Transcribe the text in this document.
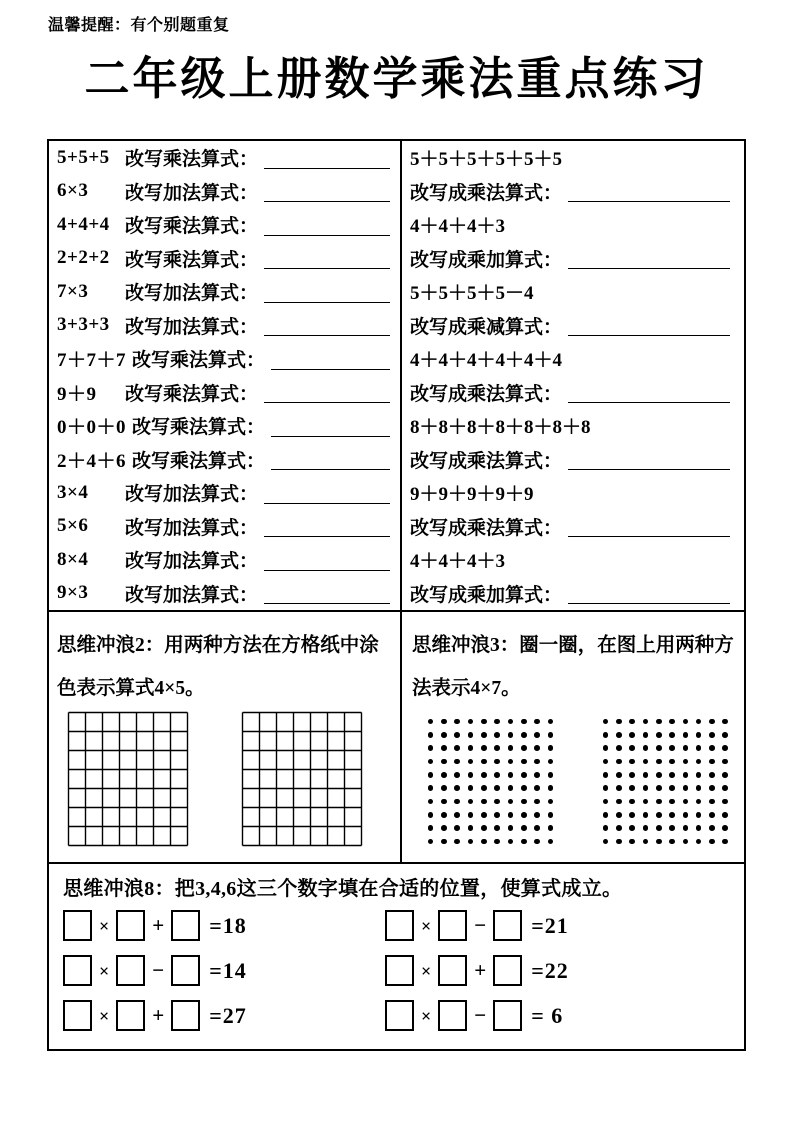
温馨提醒：有个别题重复
二年级上册数学乘法重点练习
5+5+5 改写乘法算式：
6×3	改写加法算式：
4+4+4 改写乘法算式：
2+2+2 改写乘法算式：
7×3	改写加法算式：
3+3+3 改写加法算式：
7＋7＋7 改写乘法算式：
9＋9	改写乘法算式：
0＋0＋0 改写乘法算式：
2＋4＋6 改写乘法算式：
3×4	改写加法算式：
5×6	改写加法算式：
8×4	改写加法算式：
9×3	改写加法算式：
5＋5＋5＋5＋5＋5
改写成乘法算式：
4＋4＋4＋3
改写成乘加算式：
5＋5＋5＋5－4
改写成乘减算式：
4＋4＋4＋4＋4＋4
改写成乘法算式：
8＋8＋8＋8＋8＋8＋8
改写成乘法算式：
9＋9＋9＋9＋9
改写成乘法算式：
4＋4＋4＋3
改写成乘加算式：
思维冲浪2：用两种方法在方格纸中涂
色表示算式4×5。
思维冲浪3：圈一圈，在图上用两种方
法表示4×7。
思维冲浪8：把3,4,6这三个数字填在合适的位置，使算式成立。
× + =18
× − =14
× + =27
× − =21
× + =22
× − = 6
